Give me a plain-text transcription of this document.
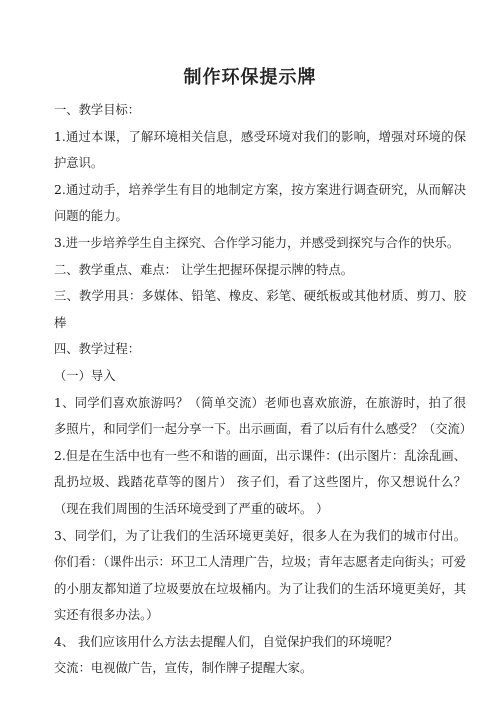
制作环保提示牌

一、教学目标：

1.通过本课，了解环境相关信息，感受环境对我们的影响，增强对环境的保护意识。

2.通过动手，培养学生有目的地制定方案，按方案进行调查研究，从而解决问题的能力。

3.进一步培养学生自主探究、合作学习能力，并感受到探究与合作的快乐。

二、教学重点、难点： 让学生把握环保提示牌的特点。

三、教学用具：多媒体、铅笔、橡皮、彩笔、硬纸板或其他材质、剪刀、胶棒

四、教学过程：

（一）导入

1、同学们喜欢旅游吗？（简单交流）老师也喜欢旅游，在旅游时，拍了很多照片，和同学们一起分享一下。出示画面，看了以后有什么感受？（交流）

2.但是在生活中也有一些不和谐的画面，出示课件：(出示图片：乱涂乱画、乱扔垃圾、践踏花草等的图片） 孩子们，看了这些图片，你又想说什么？（现在我们周围的生活环境受到了严重的破坏。 ）

3、同学们，为了让我们的生活环境更美好，很多人在为我们的城市付出。你们看：（课件出示：环卫工人清理广告，垃圾；青年志愿者走向街头；可爱的小朋友都知道了垃圾要放在垃圾桶内。为了让我们的生活环境更美好，其实还有很多办法。）

4、 我们应该用什么方法去提醒人们，自觉保护我们的环境呢？

交流：电视做广告，宣传，制作牌子提醒大家。
